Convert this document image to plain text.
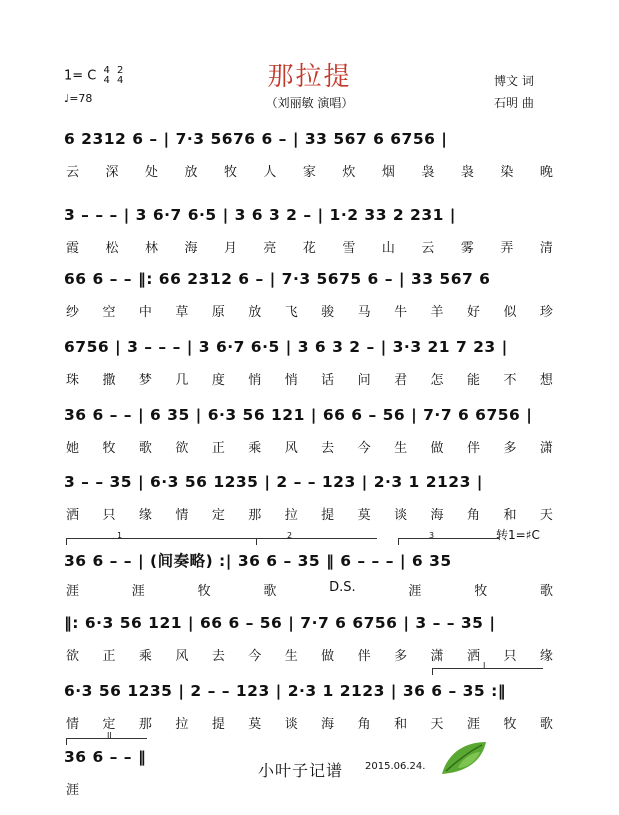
那拉提
（刘丽敏 演唱）
博文 词
石明 曲
1= C 4
4

2
4
♩=78
转1=♯C
6 2312 6 – | 7·3 5676 6 – | 33 567 6 6756 |
云 深 处 放 牧 人 家 炊 烟 袅 袅 染 晚
3 – – – | 3 6·7 6·5 | 3 6 3 2 – | 1·2 33 2 231 |
霞 松 林 海 月 亮 花 雪 山 云 雾 弄 清
66 6 – – ‖: 66 2312 6 – | 7·3 5675 6 – | 33 567 6
纱 空 中 草 原 放 飞 骏 马 牛 羊 好 似 珍
6756 | 3 – – – | 3 6·7 6·5 | 3 6 3 2 – | 3·3 21 7 23 |
珠 撒 梦 几 度 悄 悄 话 问 君 怎 能 不 想
36 6 – – | 6 35 | 6·3 56 121 | 66 6 – 56 | 7·7 6 6756 |
她 牧 歌 欲 正 乘 风 去 今 生 做 伴 多 潇
3 – – 35 | 6·3 56 1235 | 2 – – 123 | 2·3 1 2123 |
洒 只 缘 情 定 那 拉 提 莫 谈 海 角 和 天
36 6 – – | (间奏略) :| 36 6 – 35 ‖ 6 – – – | 6 35
涯	涯	牧	歌	D.S.	涯	牧	歌
‖: 6·3 56 121 | 66 6 – 56 | 7·7 6 6756 | 3 – – 35 |
欲 正 乘 风 去 今 生 做 伴 多 潇 洒 只 缘
6·3 56 1235 | 2 – – 123 | 2·3 1 2123 | 36 6 – 35 :‖
情 定 那 拉 提 莫 谈 海 角 和 天 涯 牧 歌
36 6 – – ‖
涯
1	2	3
I
II
小叶子记谱 2015.06.24.
